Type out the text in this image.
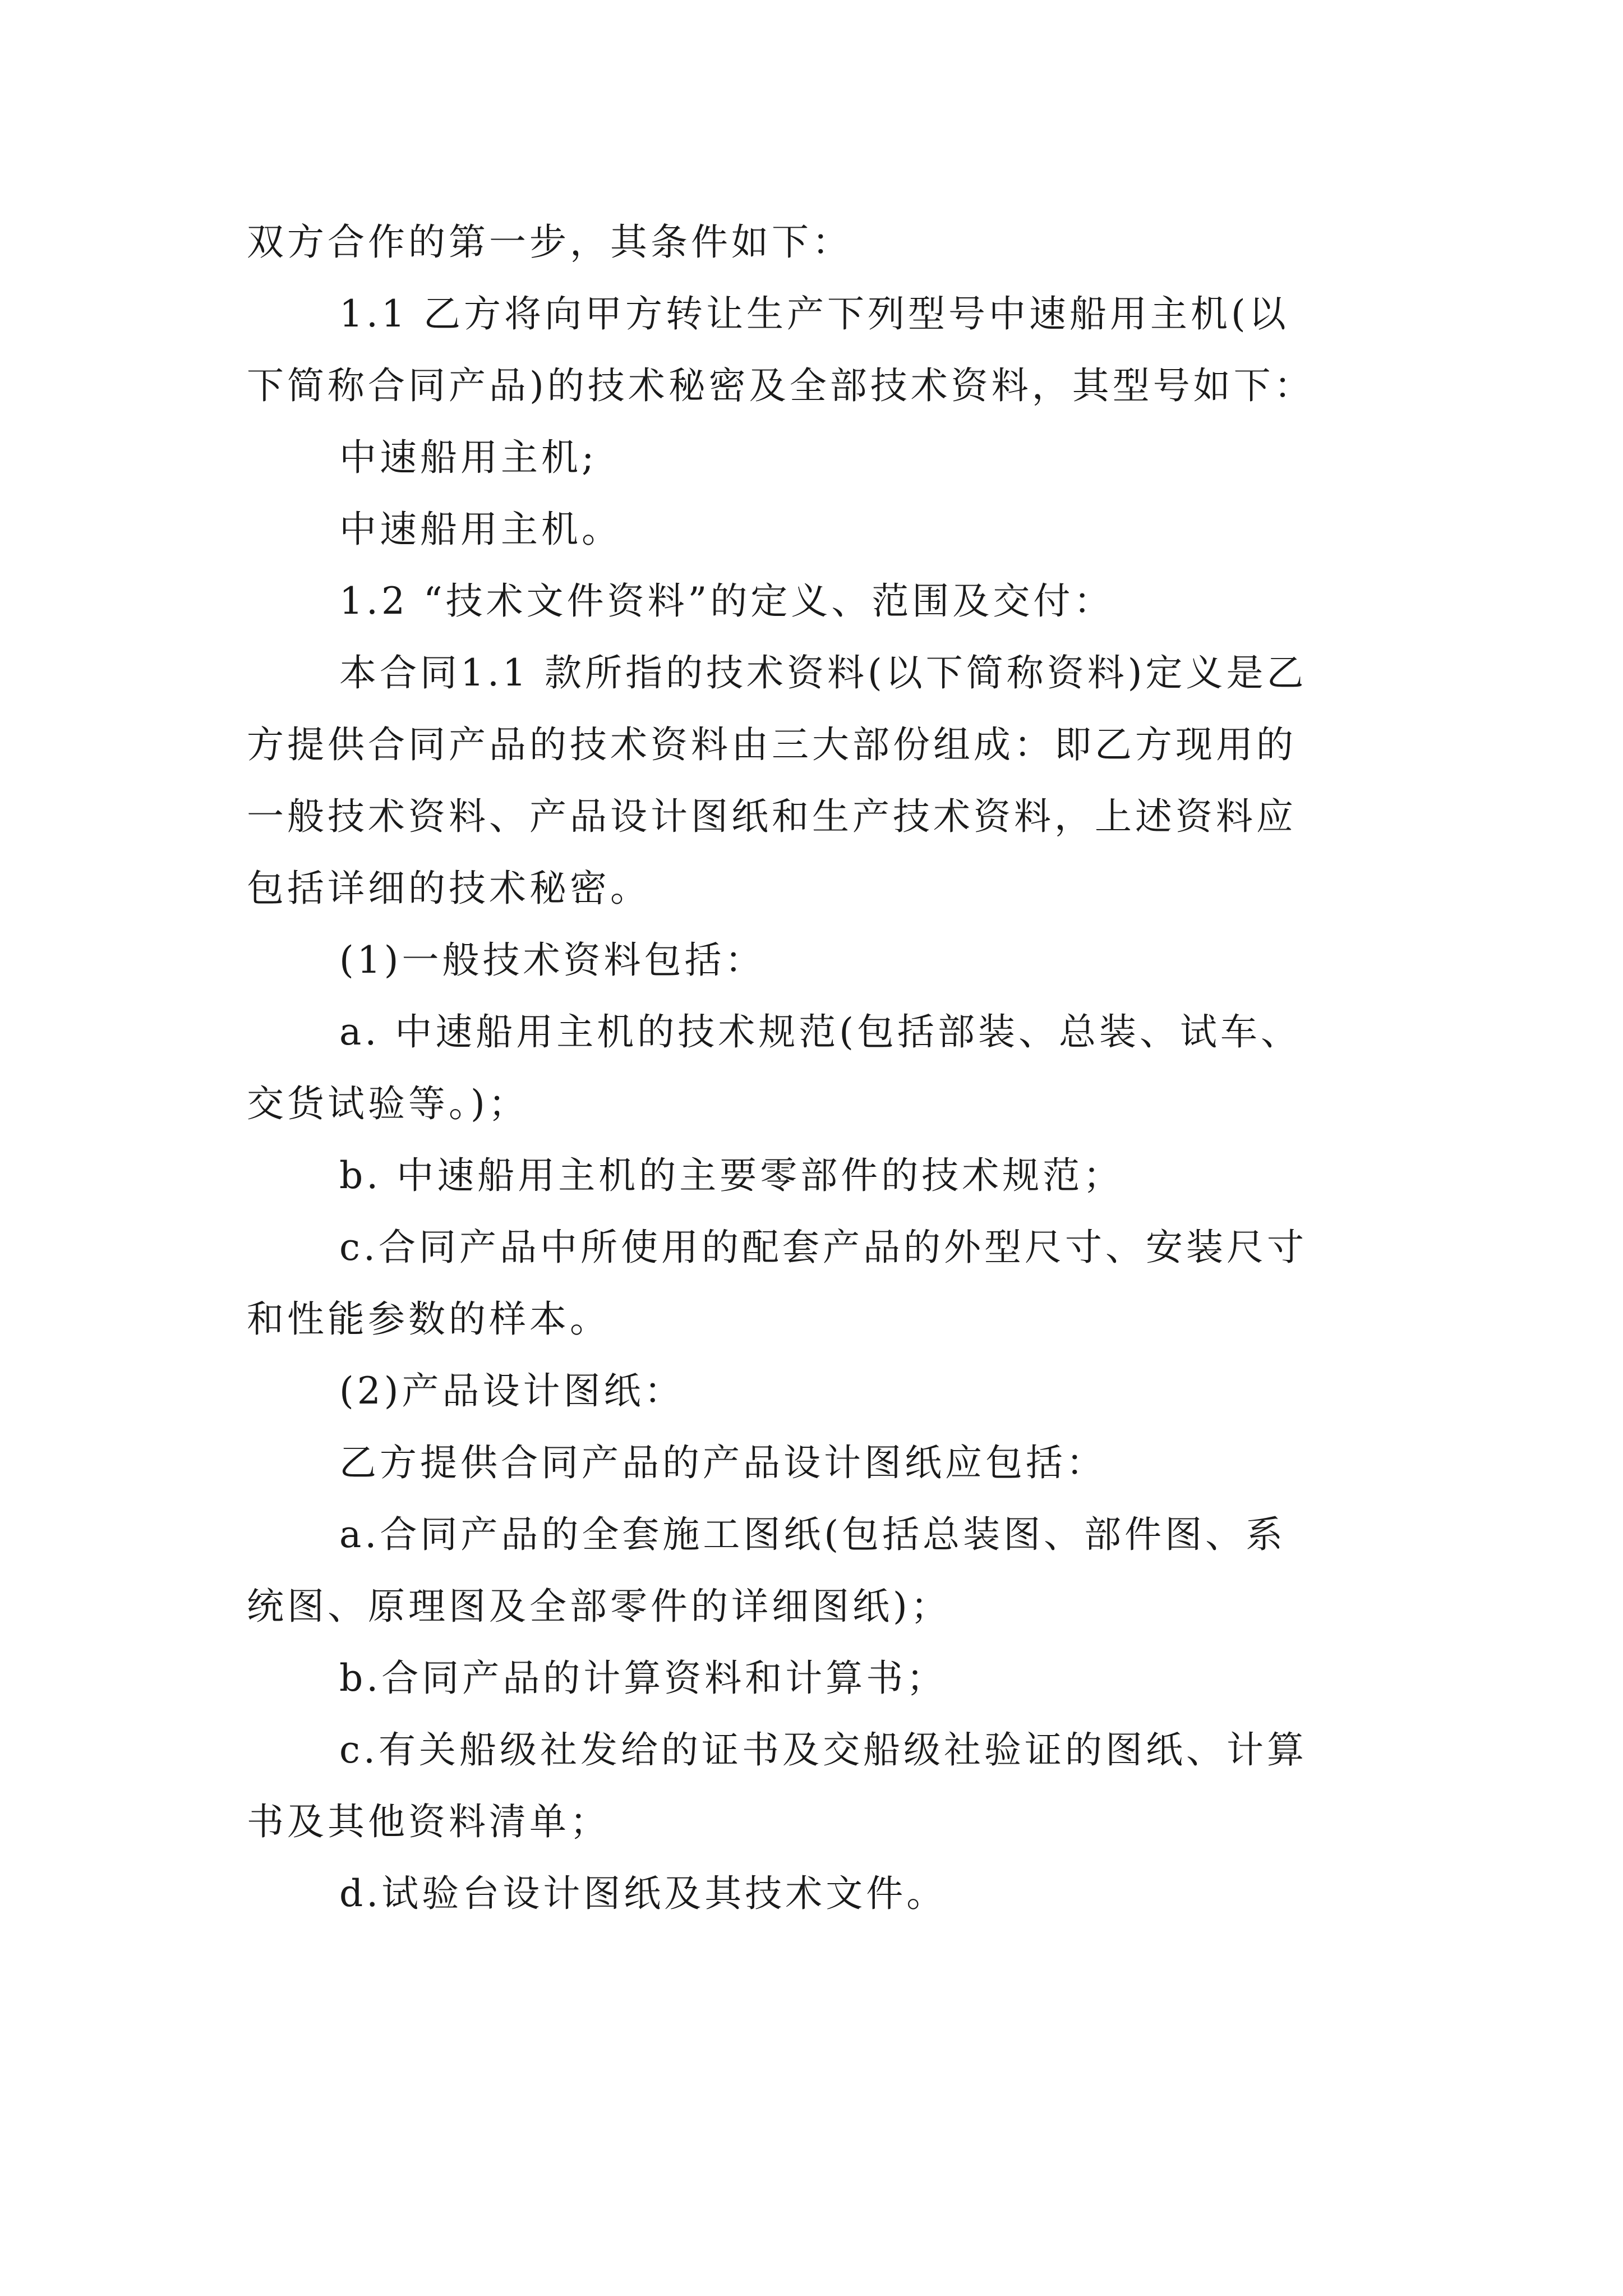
双方合作的第一步，其条件如下：

1.1 乙方将向甲方转让生产下列型号中速船用主机(以

下简称合同产品)的技术秘密及全部技术资料，其型号如下：

中速船用主机;

中速船用主机。

1.2 “技术文件资料”的定义、范围及交付：

本合同1.1 款所指的技术资料(以下简称资料)定义是乙

方提供合同产品的技术资料由三大部份组成：即乙方现用的

一般技术资料、产品设计图纸和生产技术资料，上述资料应

包括详细的技术秘密。

(1)一般技术资料包括：

a. 中速船用主机的技术规范(包括部装、总装、试车、

交货试验等。)；

b. 中速船用主机的主要零部件的技术规范；

c.合同产品中所使用的配套产品的外型尺寸、安装尺寸

和性能参数的样本。

(2)产品设计图纸：

乙方提供合同产品的产品设计图纸应包括：

a.合同产品的全套施工图纸(包括总装图、部件图、系

统图、原理图及全部零件的详细图纸)；

b.合同产品的计算资料和计算书；

c.有关船级社发给的证书及交船级社验证的图纸、计算

书及其他资料清单；

d.试验台设计图纸及其技术文件。
